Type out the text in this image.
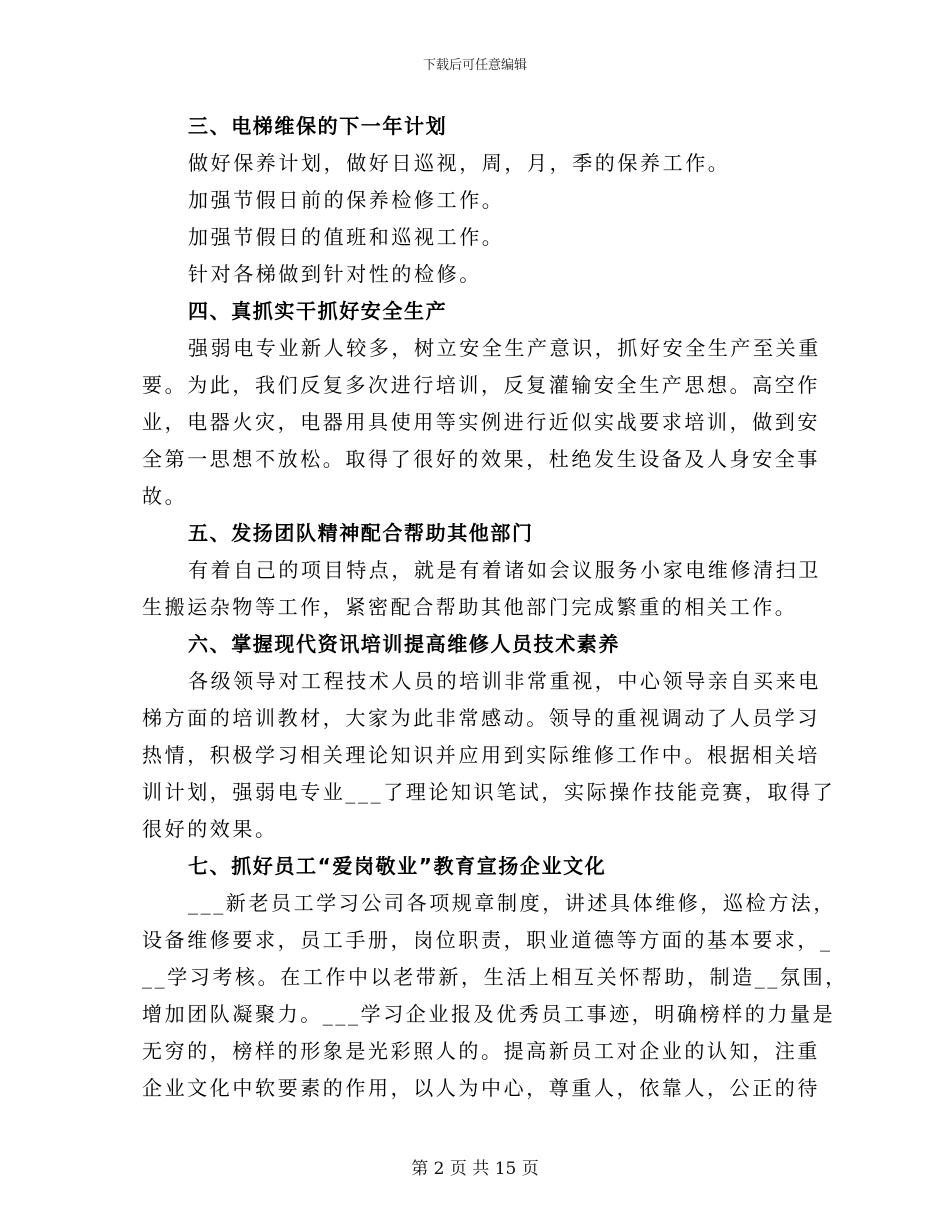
下载后可任意编辑
三、电梯维保的下一年计划
做好保养计划，做好日巡视，周，月，季的保养工作。
加强节假日前的保养检修工作。
加强节假日的值班和巡视工作。
针对各梯做到针对性的检修。
四、真抓实干抓好安全生产
强弱电专业新人较多，树立安全生产意识，抓好安全生产至关重
要。为此，我们反复多次进行培训，反复灌输安全生产思想。高空作
业，电器火灾，电器用具使用等实例进行近似实战要求培训，做到安
全第一思想不放松。取得了很好的效果，杜绝发生设备及人身安全事
故。
五、发扬团队精神配合帮助其他部门
有着自己的项目特点，就是有着诸如会议服务小家电维修清扫卫
生搬运杂物等工作，紧密配合帮助其他部门完成繁重的相关工作。
六、掌握现代资讯培训提高维修人员技术素养
各级领导对工程技术人员的培训非常重视，中心领导亲自买来电
梯方面的培训教材，大家为此非常感动。领导的重视调动了人员学习
热情，积极学习相关理论知识并应用到实际维修工作中。根据相关培
训计划，强弱电专业___了理论知识笔试，实际操作技能竞赛，取得了
很好的效果。
七、抓好员工“爱岗敬业”教育宣扬企业文化
___新老员工学习公司各项规章制度，讲述具体维修，巡检方法，
设备维修要求，员工手册，岗位职责，职业道德等方面的基本要求，_
__学习考核。在工作中以老带新，生活上相互关怀帮助，制造__氛围，
增加团队凝聚力。___学习企业报及优秀员工事迹，明确榜样的力量是
无穷的，榜样的形象是光彩照人的。提高新员工对企业的认知，注重
企业文化中软要素的作用，以人为中心，尊重人，依靠人，公正的待
第 2 页 共 15 页
